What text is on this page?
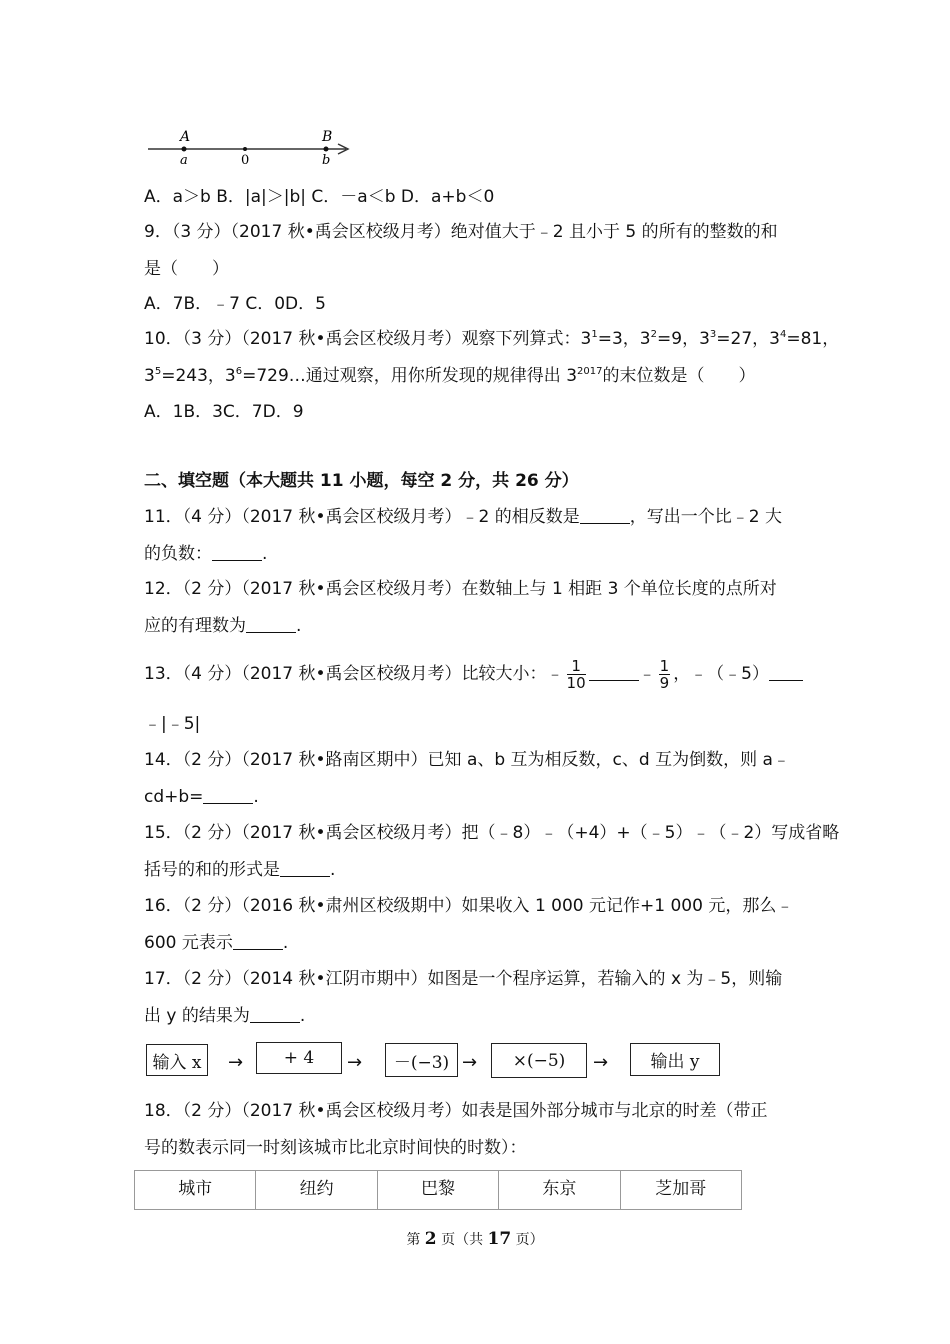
A
a	0
B
b
A．a＞b B．|a|＞|b| C．－a＜b D．a+b＜0
9．（3 分）（2017 秋•禹会区校级月考）绝对值大于﹣2 且小于 5 的所有的整数的和
是（　　）
A．7B．﹣7 C．0D．5
10．（3 分）（2017 秋•禹会区校级月考）观察下列算式：$3^1=3$，$3^2=9$，$3^3=27$，$3^4=81$，
$3^5=243$，$3^6=729\dots$通过观察，用你所发现的规律得出 $3^{2017}$的末位数是（　　）
A．1B．3C．7D．9
二、填空题（本大题共 11 小题，每空 2 分，共 26 分）
11．（4 分）（2017 秋•禹会区校级月考）﹣2 的相反数是	，写出一个比﹣2 大
的负数：	.
12．（2 分）（2017 秋•禹会区校级月考）在数轴上与 1 相距 3 个单位长度的点所对
应的有理数为	.
13．（4 分）（2017 秋•禹会区校级月考）比较大小：﹣ $\frac{1}{10}$	﹣ $\frac{1}{9}$ ，﹣（﹣5）
﹣|﹣5|
14．（2 分）（2017 秋•路南区期中）已知 a、b 互为相反数，c、d 互为倒数，则 a﹣
cd+b=	.
15．（2 分）（2017 秋•禹会区校级月考）把（﹣8）﹣（+4）+（﹣5）﹣（﹣2）写成省略
括号的和的形式是	.
16．（2 分）（2016 秋•肃州区校级期中）如果收入 1 000 元记作+1 000 元，那么﹣
600 元表示	.
17．（2 分）（2014 秋•江阴市期中）如图是一个程序运算，若输入的 x 为﹣5，则输
出 y 的结果为	.
输入 x	→	+ 4	→	－(−3) →	×(−5)	→	输出 y
18．（2 分）（2017 秋•禹会区校级月考）如表是国外部分城市与北京的时差（带正
号的数表示同一时刻该城市比北京时间快的时数）：
城市	纽约	巴黎	东京	芝加哥
第 2 页（共 17 页）
